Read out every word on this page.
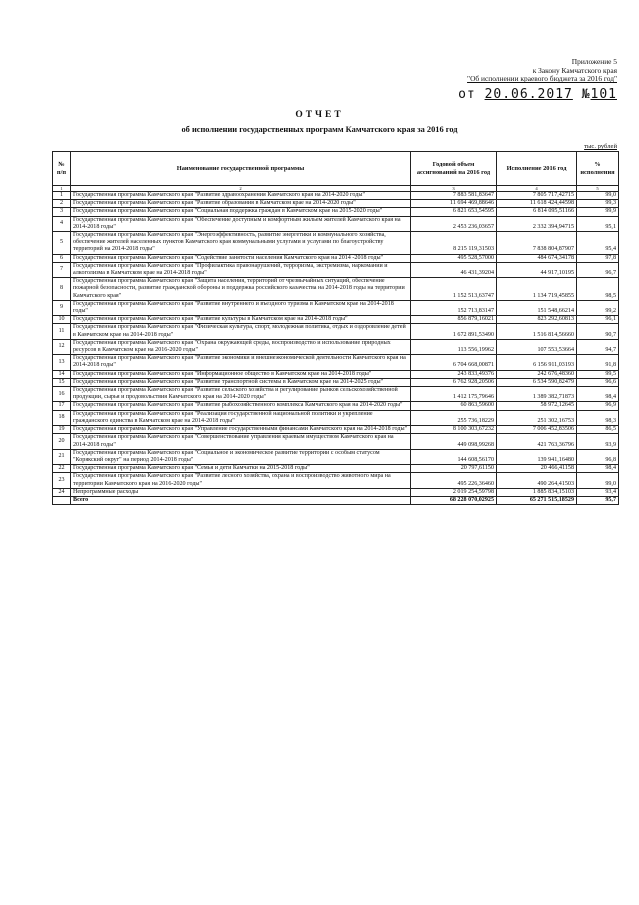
Приложение 5
к Закону Камчатского края
"Об исполнении краевого бюджета за 2016 год"
от 20.06.2017 №101
ОТЧЕТ
об исполнении государственных программ Камчатского края за 2016 год
тыс. рублей
№ п/п	Наименование государственной программы	Годовой объем ассигнований на 2016 год	Исполнение 2016 год	% исполнения
1	2	3	4	5
1	Государственная программа Камчатского края "Развитие здравоохранения Камчатского края на 2014-2020 годы"	7 883 581,83647	7 805 717,42715	99,0
2	Государственная программа Камчатского края "Развитие образования в Камчатском крае на 2014-2020 годы"	11 694 469,88646	11 618 424,44598	99,3
3	Государственная программа Камчатского края "Социальная поддержка граждан в Камчатском крае на 2015-2020 годы"	6 821 653,54595	6 814 095,51166	99,9
4	Государственная программа Камчатского края "Обеспечение доступным и комфортным жильем жителей Камчатского края на 2014-2018 годы"	2 453 236,03657	2 332 394,94715	95,1
5	Государственная программа Камчатского края "Энергоэффективность, развитие энергетики и коммунального хозяйства, обеспечение жителей населенных пунктов Камчатского края коммунальными услугами и услугами по благоустройству территорий на 2014-2018 годы"	8 215 119,31503	7 838 804,87907	95,4
6	Государственная программа Камчатского края "Содействие занятости населения Камчатского края на 2014 -2018 годы"	495 528,57000	484 674,34178	97,8
7	Государственная программа Камчатского края "Профилактика правонарушений, терроризма, экстремизма, наркомании и алкоголизма в Камчатском крае на 2014-2018 годы"	46 431,39204	44 917,10195	96,7
8	Государственная программа Камчатского края "Защита населения, территорий от чрезвычайных ситуаций, обеспечение пожарной безопасности, развитие гражданской обороны и поддержка российского казачества на 2014-2018 годы на территории Камчатского края"	1 152 513,63747	1 134 719,45855	98,5
9	Государственная программа Камчатского края "Развитие внутреннего и въездного туризма в Камчатском крае на 2014-2018 годы"	152 713,83147	151 548,66214	99,2
10	Государственная программа Камчатского края "Развитие культуры в Камчатском крае на 2014-2018 годы"	856 879,16021	823 292,60813	96,1
11	Государственная программа Камчатского края "Физическая культура, спорт, молодежная политика, отдых и оздоровление детей в Камчатском крае на 2014-2018 годы"	1 672 891,53490	1 516 814,56660	90,7
12	Государственная программа Камчатского края "Охрана окружающей среды, воспроизводство и использование природных ресурсов в Камчатском крае на 2016-2020 годы"	113 556,19962	107 553,53664	94,7
13	Государственная программа Камчатского края "Развитие экономики и внешнеэкономической деятельности Камчатского края на 2014-2018 годы"	6 704 668,00871	6 156 911,03193	91,8
14	Государственная программа Камчатского края "Информационное общество в Камчатском крае на 2014-2018 годы"	243 833,49376	242 676,48360	99,5
15	Государственная программа Камчатского края "Развитие транспортной системы в Камчатском крае на 2014-2025 годы"	6 762 928,20506	6 534 590,82479	96,6
16	Государственная программа Камчатского края "Развитие сельского хозяйства и регулирование рынков сельскохозяйственной продукции, сырья и продовольствия Камчатского края на 2014-2020 годы"	1 412 175,79646	1 389 382,71873	98,4
17	Государственная программа Камчатского края "Развитие рыбохозяйственного комплекса Камчатского края на 2014-2020 годы"	60 863,59600	58 972,12645	96,9
18	Государственная программа Камчатского края "Реализация государственной национальной политики и укрепление гражданского единства в Камчатском крае на 2014-2018 годы"	255 736,18229	251 302,16753	98,3
19	Государственная программа Камчатского края "Управление государственными финансами Камчатского края на 2014-2018 годы"	8 100 303,67232	7 006 452,83506	86,5
20	Государственная программа Камчатского края "Совершенствование управления краевым имуществом Камчатского края на 2014-2018 годы"	449 098,99268	421 763,36796	93,9
21	Государственная программа Камчатского края "Социальное и экономическое развитие территории с особым статусом "Корякский округ" на период 2014-2018 годы"	144 608,56170	139 941,16480	96,8
22	Государственная программа Камчатского края "Семья и дети Камчатки на 2015-2018 годы"	20 797,61150	20 466,41158	98,4
23	Государственная программа Камчатского края "Развитие лесного хозяйства, охрана и воспроизводство животного мира на территории Камчатского края на 2016-2020 годы"	495 226,36460	490 264,41503	99,0
24	Непрограммные расходы	2 019 254,59798	1 885 834,15103	93,4
	Всего	68 228 070,02925	65 271 515,18529	95,7
